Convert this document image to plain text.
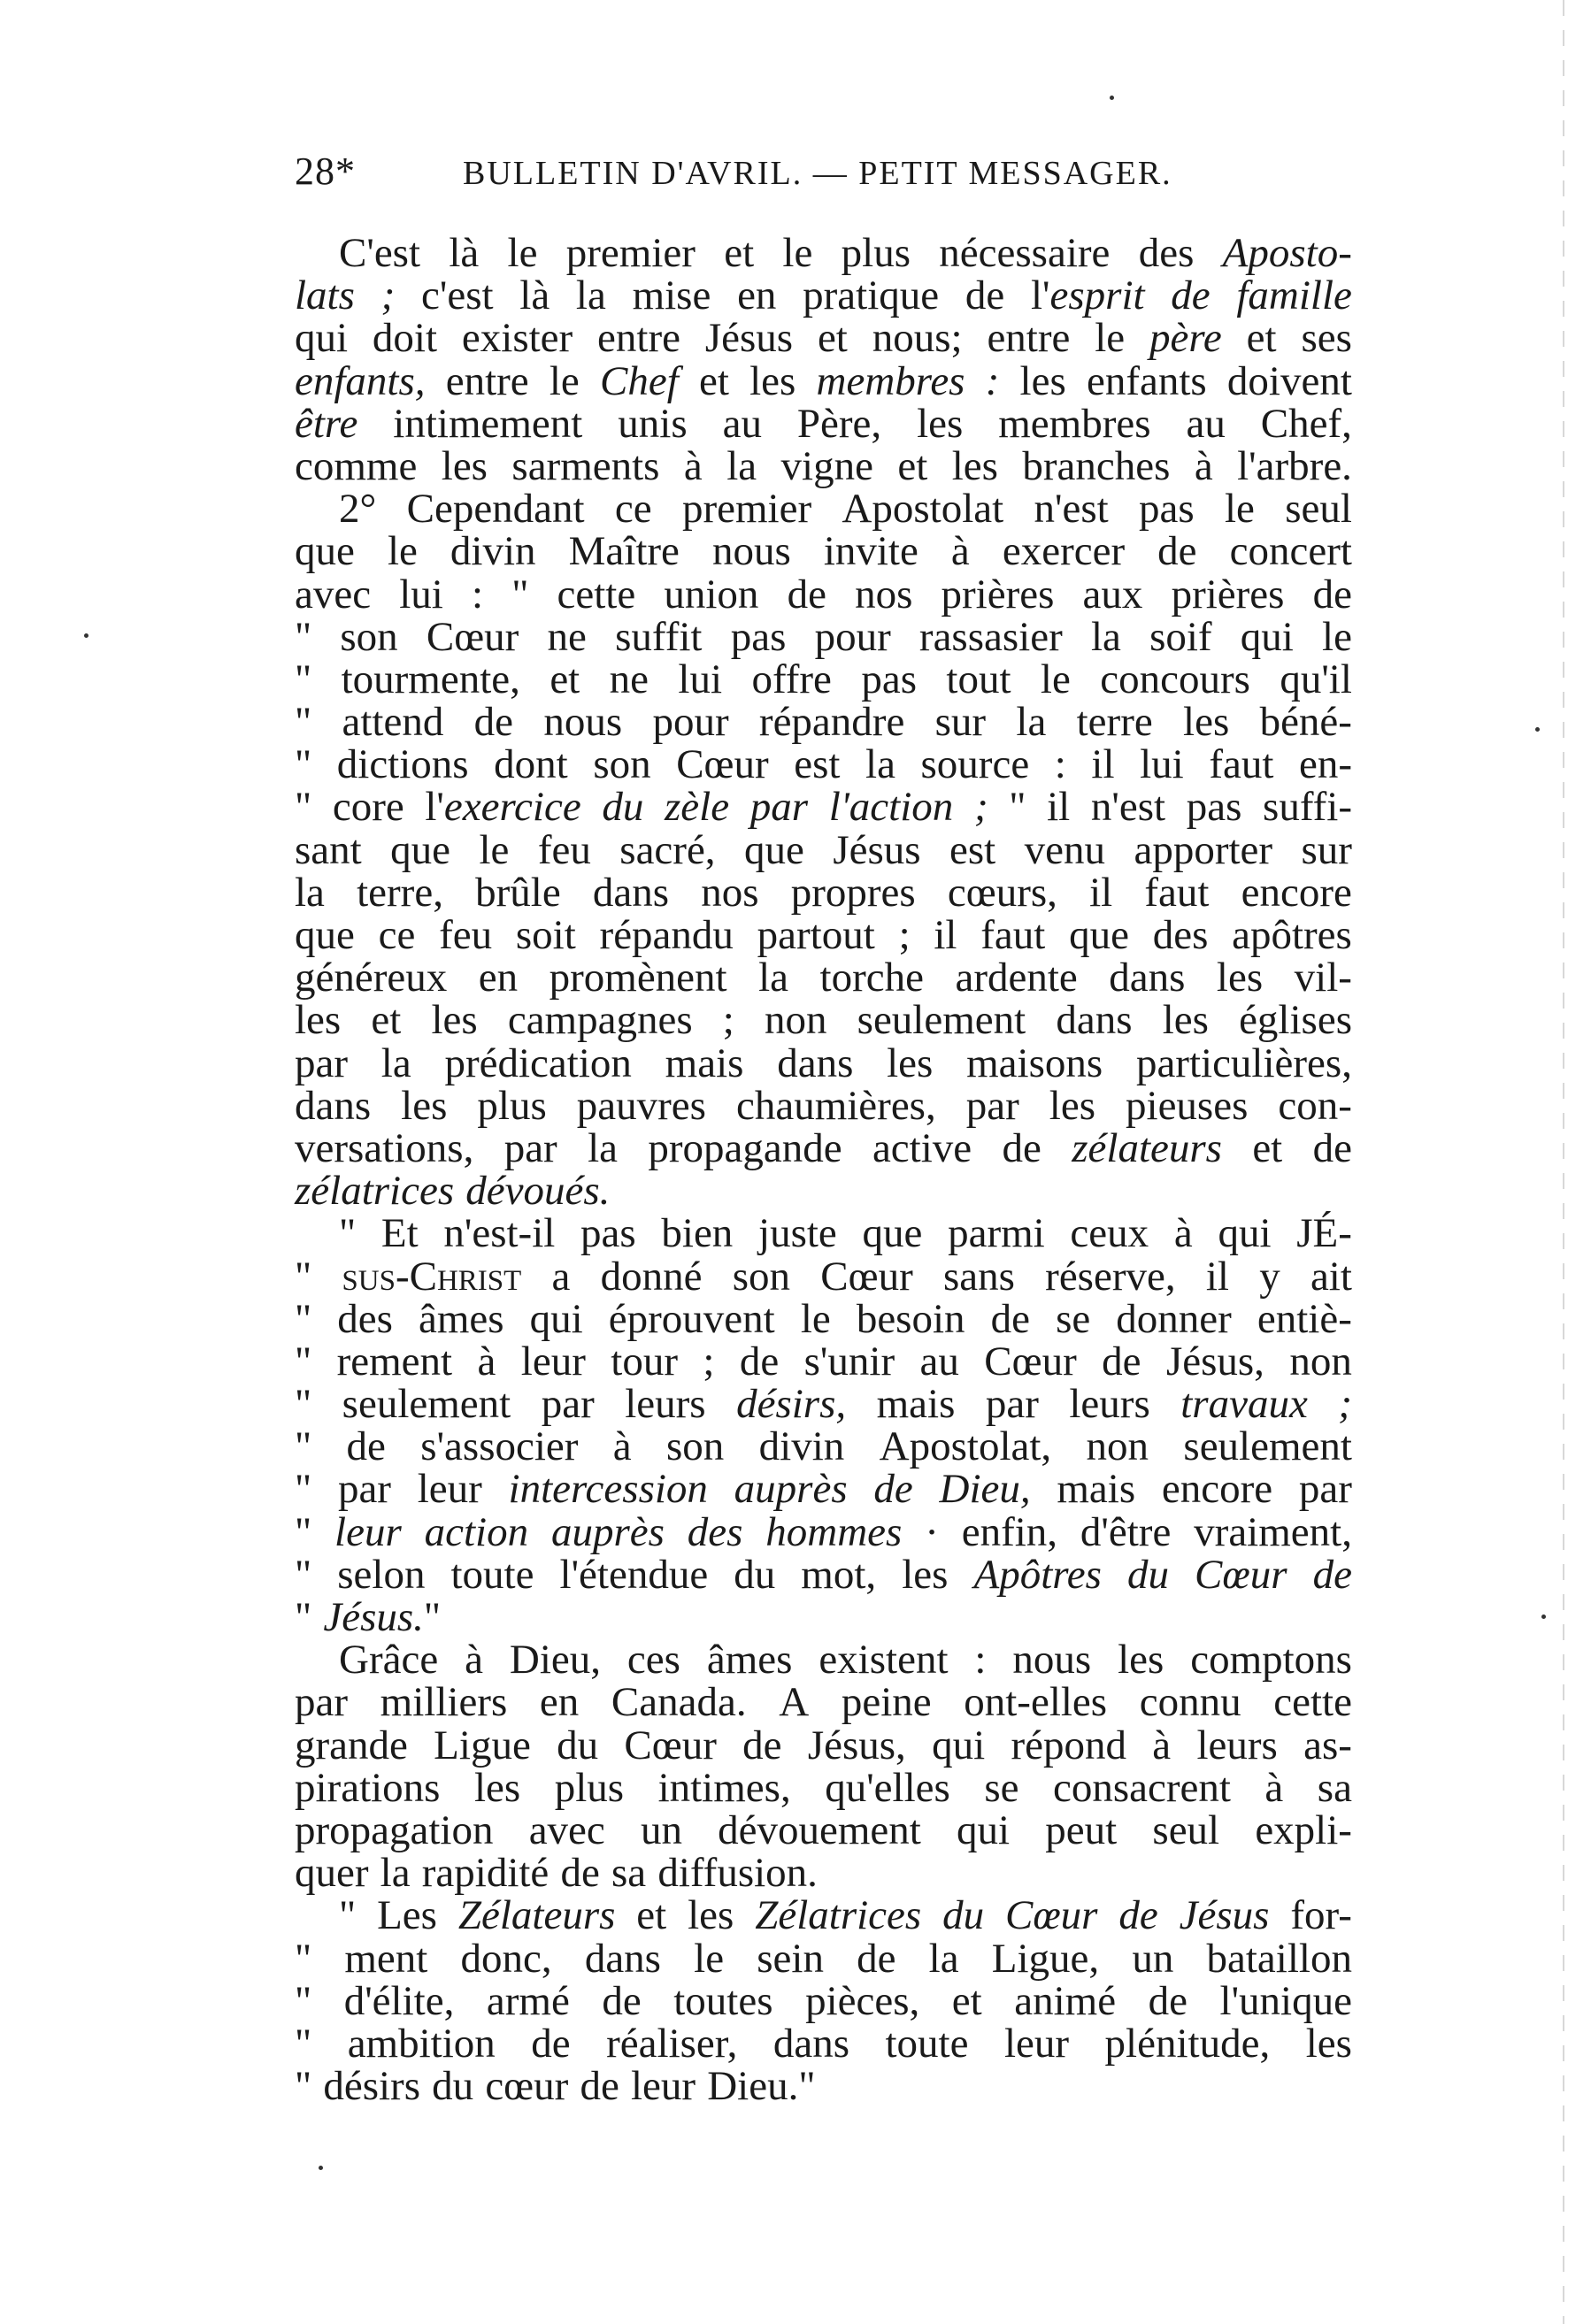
28*	BULLETIN D'AVRIL. — PETIT MESSAGER.
C'est là le premier et le plus nécessaire des Aposto-
lats ; c'est là la mise en pratique de l'esprit de famille
qui doit exister entre Jésus et nous; entre le père et ses
enfants, entre le Chef et les membres : les enfants doivent
être intimement unis au Père, les membres au Chef,
comme les sarments à la vigne et les branches à l'arbre.
2° Cependant ce premier Apostolat n'est pas le seul
que le divin Maître nous invite à exercer de concert
avec lui : " cette union de nos prières aux prières de
" son Cœur ne suffit pas pour rassasier la soif qui le
" tourmente, et ne lui offre pas tout le concours qu'il
" attend de nous pour répandre sur la terre les béné-
" dictions dont son Cœur est la source : il lui faut en-
" core l'exercice du zèle par l'action ; " il n'est pas suffi-
sant que le feu sacré, que Jésus est venu apporter sur
la terre, brûle dans nos propres cœurs, il faut encore
que ce feu soit répandu partout ; il faut que des apôtres
généreux en promènent la torche ardente dans les vil-
les et les campagnes ; non seulement dans les églises
par la prédication mais dans les maisons particulières,
dans les plus pauvres chaumières, par les pieuses con-
versations, par la propagande active de zélateurs et de
zélatrices dévoués.
" Et n'est-il pas bien juste que parmi ceux à qui JÉ-
" sus-Christ a donné son Cœur sans réserve, il y ait
" des âmes qui éprouvent le besoin de se donner entiè-
" rement à leur tour ; de s'unir au Cœur de Jésus, non
" seulement par leurs désirs, mais par leurs travaux ;
" de s'associer à son divin Apostolat, non seulement
" par leur intercession auprès de Dieu, mais encore par
" leur action auprès des hommes · enfin, d'être vraiment,
" selon toute l'étendue du mot, les Apôtres du Cœur de
" Jésus."
Grâce à Dieu, ces âmes existent : nous les comptons
par milliers en Canada. A peine ont-elles connu cette
grande Ligue du Cœur de Jésus, qui répond à leurs as-
pirations les plus intimes, qu'elles se consacrent à sa
propagation avec un dévouement qui peut seul expli-
quer la rapidité de sa diffusion.
" Les Zélateurs et les Zélatrices du Cœur de Jésus for-
" ment donc, dans le sein de la Ligue, un bataillon
" d'élite, armé de toutes pièces, et animé de l'unique
" ambition de réaliser, dans toute leur plénitude, les
" désirs du cœur de leur Dieu."
